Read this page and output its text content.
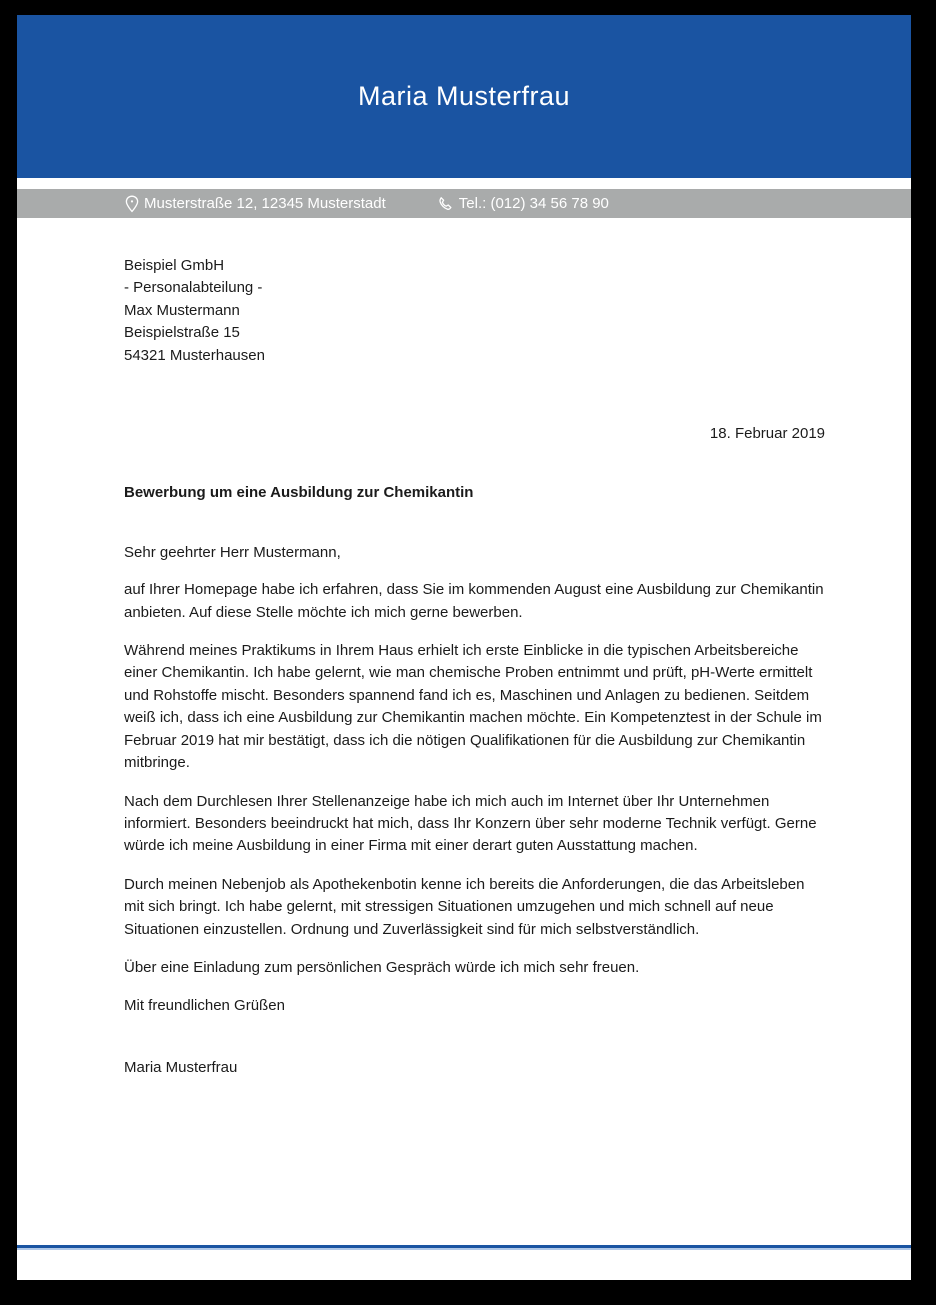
Maria Musterfrau
Musterstraße 12, 12345 Musterstadt	Tel.: (012) 34 56 78 90
Beispiel GmbH
- Personalabteilung -
Max Mustermann
Beispielstraße 15
54321 Musterhausen
18. Februar 2019
Bewerbung um eine Ausbildung zur Chemikantin

Sehr geehrter Herr Mustermann,

auf Ihrer Homepage habe ich erfahren, dass Sie im kommenden August eine Ausbildung zur Chemikantin anbieten. Auf diese Stelle möchte ich mich gerne bewerben.

Während meines Praktikums in Ihrem Haus erhielt ich erste Einblicke in die typischen Arbeitsbereiche einer Chemikantin. Ich habe gelernt, wie man chemische Proben entnimmt und prüft, pH-Werte ermittelt und Rohstoffe mischt. Besonders spannend fand ich es, Maschinen und Anlagen zu bedienen. Seitdem weiß ich, dass ich eine Ausbildung zur Chemikantin machen möchte. Ein Kompetenztest in der Schule im Februar 2019 hat mir bestätigt, dass ich die nötigen Qualifikationen für die Ausbildung zur Chemikantin mitbringe.

Nach dem Durchlesen Ihrer Stellenanzeige habe ich mich auch im Internet über Ihr Unternehmen informiert. Besonders beeindruckt hat mich, dass Ihr Konzern über sehr moderne Technik verfügt. Gerne würde ich meine Ausbildung in einer Firma mit einer derart guten Ausstattung machen.

Durch meinen Nebenjob als Apothekenbotin kenne ich bereits die Anforderungen, die das Arbeitsleben mit sich bringt. Ich habe gelernt, mit stressigen Situationen umzugehen und mich schnell auf neue Situationen einzustellen. Ordnung und Zuverlässigkeit sind für mich selbstverständlich.

Über eine Einladung zum persönlichen Gespräch würde ich mich sehr freuen.

Mit freundlichen Grüßen

Maria Musterfrau
